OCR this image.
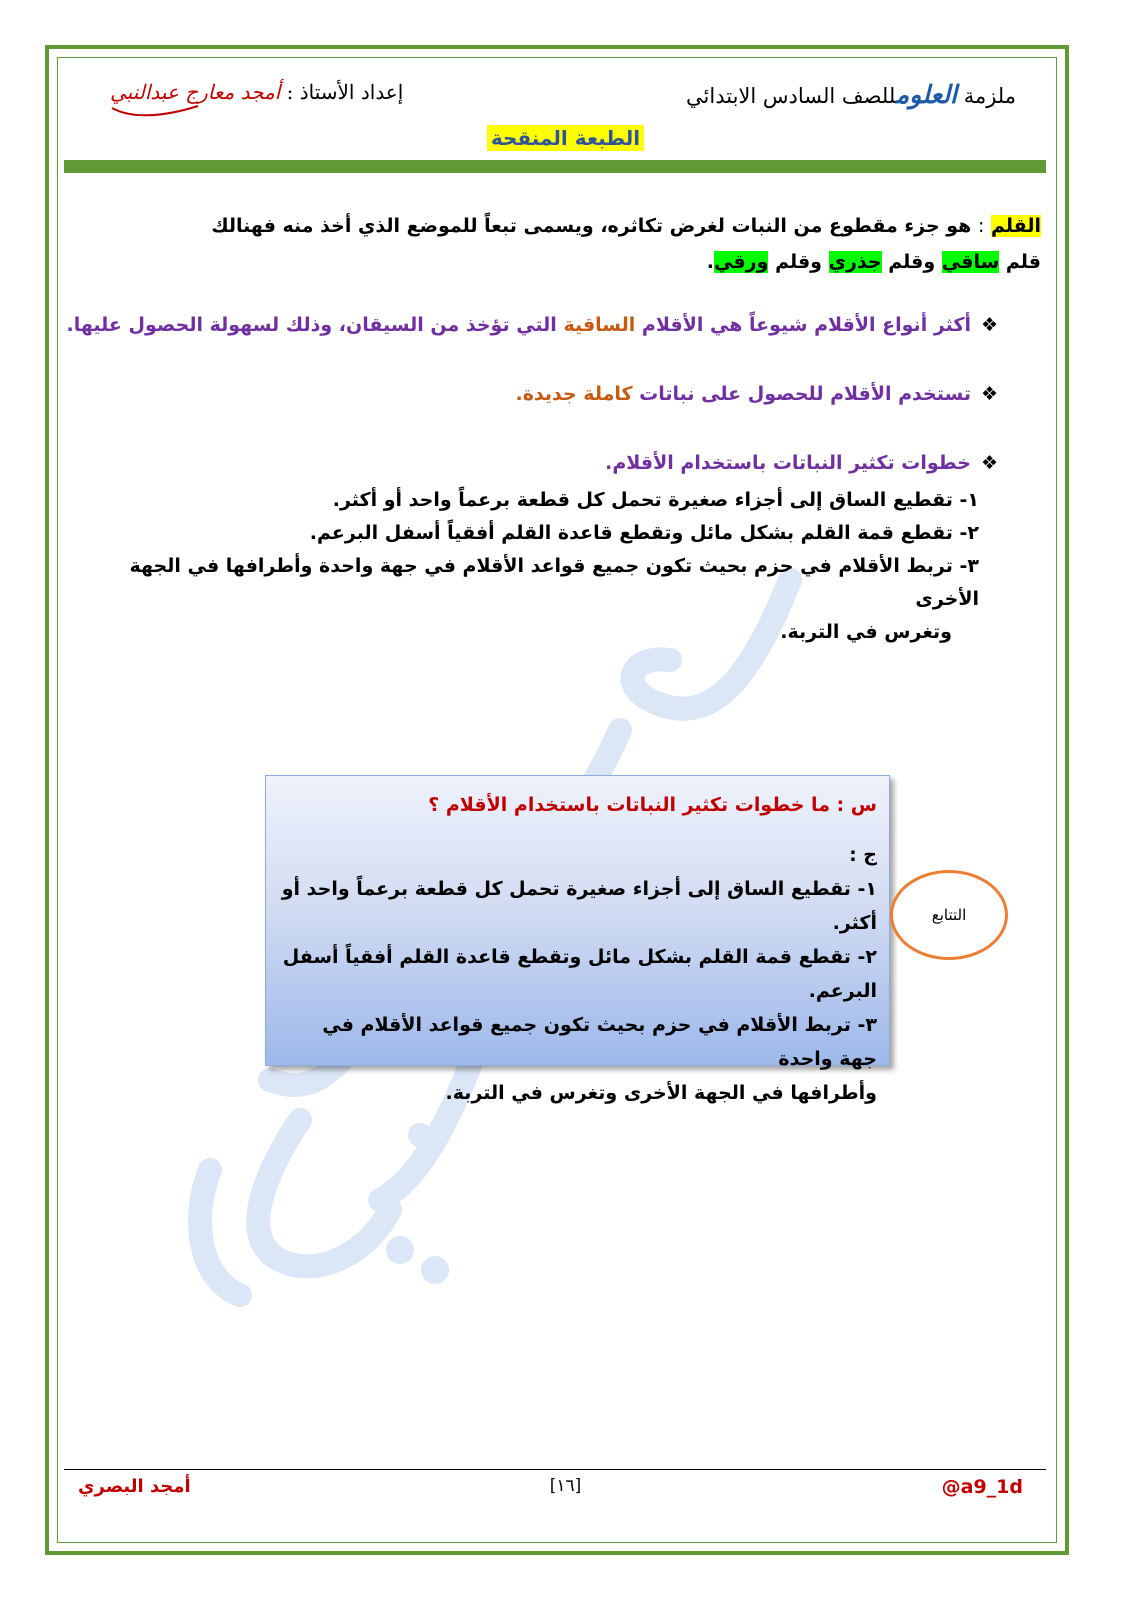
ملزمة العلومللصف السادس الابتدائي
إعداد الأستاذ : أمجد معارج عبدالنبي
الطبعة المنقحة
القلم : هو جزء مقطوع من النبات لغرض تكاثره، ويسمى تبعاً للموضع الذي أخذ منه فهنالك قلم ساقي وقلم جذري وقلم ورقي.
❖أكثر أنواع الأقلام شيوعاً هي الأقلام الساقية التي تؤخذ من السيقان، وذلك لسهولة الحصول عليها.
❖تستخدم الأقلام للحصول على نباتات كاملة جديدة.
❖خطوات تكثير النباتات باستخدام الأقلام.
١- تقطيع الساق إلى أجزاء صغيرة تحمل كل قطعة برعماً واحد أو أكثر.
٢- تقطع قمة القلم بشكل مائل وتقطع قاعدة القلم أفقياً أسفل البرعم.
٣- تربط الأقلام في حزم بحيث تكون جميع قواعد الأقلام في جهة واحدة وأطرافها في الجهة الأخرى
وتغرس في التربة.
س : ما خطوات تكثير النباتات باستخدام الأقلام ؟
ج :
١- تقطيع الساق إلى أجزاء صغيرة تحمل كل قطعة برعماً واحد أو أكثر.
٢- تقطع قمة القلم بشكل مائل وتقطع قاعدة القلم أفقياً أسفل البرعم.
٣- تربط الأقلام في حزم بحيث تكون جميع قواعد الأقلام في جهة واحدة
وأطرافها في الجهة الأخرى وتغرس في التربة.
التتابع
@a9_1d
[١٦]
أمجد البصري
